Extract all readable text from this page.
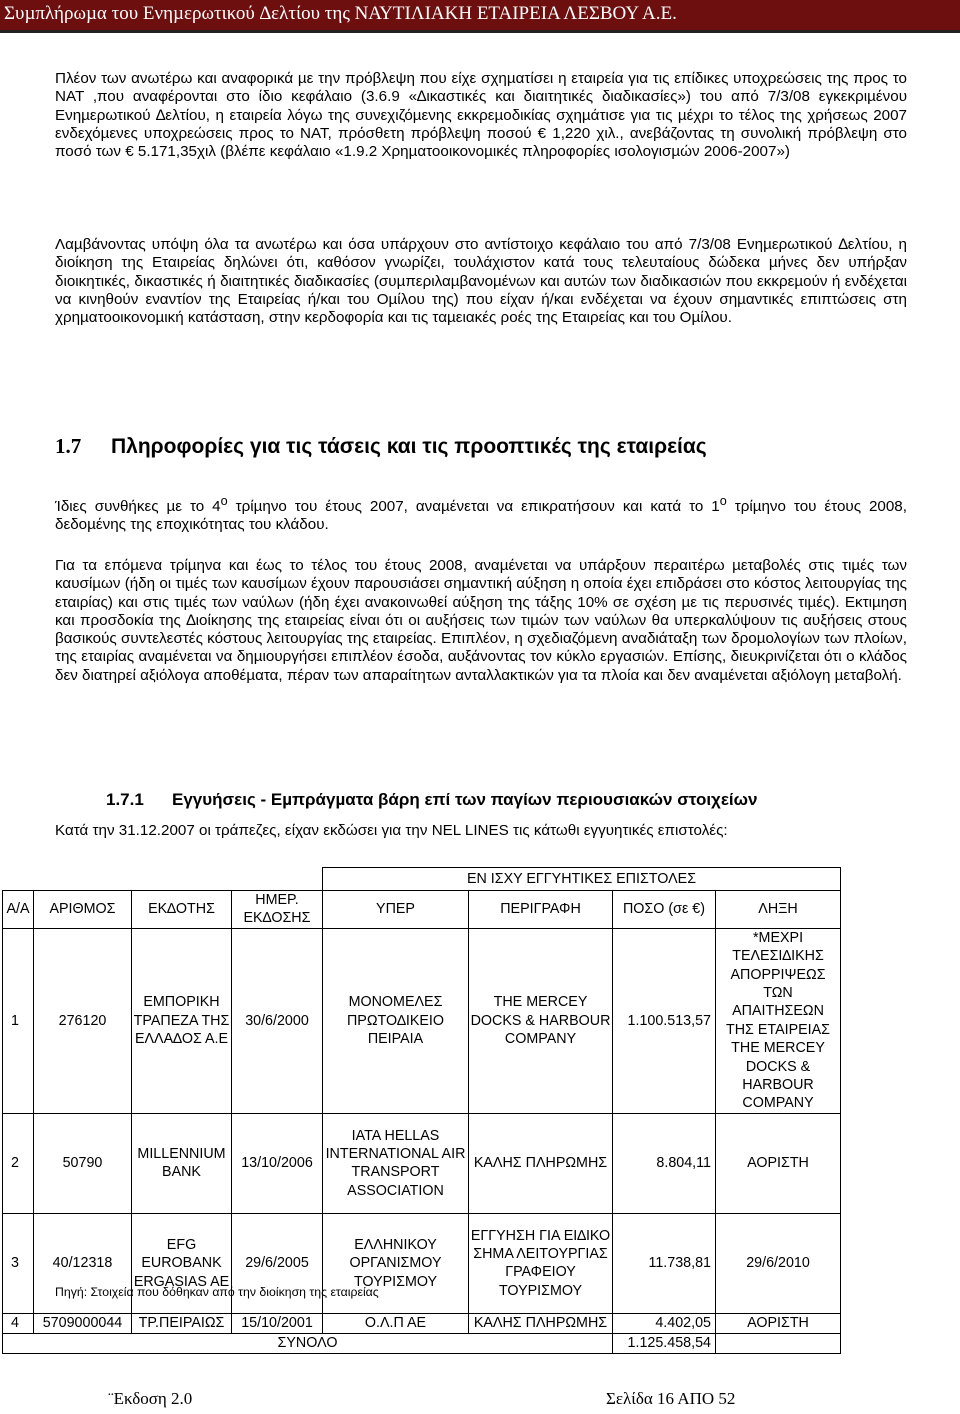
Συµπλήρωµα του Ενηµερωτικού ∆ελτίου της ΝΑΥΤΙΛΙΑΚΗ ΕΤΑΙΡΕΙΑ ΛΕΣΒΟΥ Α.Ε.

Πλέον των ανωτέρω και αναφορικά µε την πρόβλεψη που είχε σχηµατίσει η εταιρεία για τις επίδικες υποχρεώσεις της προς το ΝΑΤ ,που αναφέρονται στο ίδιο κεφάλαιο (3.6.9 «∆ικαστικές και διαιτητικές διαδικασίες») του από 7/3/08 εγκεκριµένου Ενηµερωτικού ∆ελτίου, η εταιρεία λόγω της συνεχιζόµενης εκκρεµοδικίας σχηµάτισε για τις µέχρι το τέλος της χρήσεως 2007 ενδεχόµενες υποχρεώσεις προς το ΝΑΤ, πρόσθετη πρόβλεψη ποσού € 1,220 χιλ., ανεβάζοντας τη συνολική πρόβλεψη στο ποσό των € 5.171,35χιλ (βλέπε κεφάλαιο «1.9.2 Χρηµατοοικονοµικές πληροφορίες ισολογισµών 2006-2007»)

Λαµβάνοντας υπόψη όλα τα ανωτέρω και όσα υπάρχουν στο αντίστοιχο κεφάλαιο του από 7/3/08 Ενηµερωτικού ∆ελτίου, η διοίκηση της Εταιρείας δηλώνει ότι, καθόσον γνωρίζει, τουλάχιστον κατά τους τελευταίους δώδεκα µήνες δεν υπήρξαν διοικητικές, δικαστικές ή διαιτητικές διαδικασίες (συµπεριλαµβανοµένων και αυτών των διαδικασιών που εκκρεµούν ή ενδέχεται να κινηθούν εναντίον της Εταιρείας ή/και του Οµίλου της) που είχαν ή/και ενδέχεται να έχουν σηµαντικές επιπτώσεις στη χρηµατοοικονοµική κατάσταση, στην κερδοφορία και τις ταµειακές ροές της Εταιρείας και του Οµίλου.

1.7 Πληροφορίες για τις τάσεις και τις προοπτικές της εταιρείας

Ίδιες συνθήκες µε το $4^o$ τρίµηνο του έτους 2007, αναµένεται να επικρατήσουν και κατά το $1^o$ τρίµηνο του έτους 2008, δεδοµένης της εποχικότητας του κλάδου.

Για τα επόµενα τρίµηνα και έως το τέλος του έτους 2008, αναµένεται να υπάρξουν περαιτέρω µεταβολές στις τιµές των καυσίµων (ήδη οι τιµές των καυσίµων έχουν παρουσιάσει σηµαντική αύξηση η οποία έχει επιδράσει στο κόστος λειτουργίας της εταιρίας) και στις τιµές των ναύλων (ήδη έχει ανακοινωθεί αύξηση της τάξης 10% σε σχέση µε τις περυσινές τιµές). Εκτιµηση και προσδοκία της ∆ιοίκησης της εταιρείας είναι ότι οι αυξήσεις των τιµών των ναύλων θα υπερκαλύψουν τις αυξήσεις στους βασικούς συντελεστές κόστους λειτουργίας της εταιρείας. Επιπλέον, η σχεδιαζόµενη αναδιάταξη των δροµολογίων των πλοίων, της εταιρίας αναµένεται να δηµιουργήσει επιπλέον έσοδα, αυξάνοντας τον κύκλο εργασιών. Επίσης, διευκρινίζεται ότι ο κλάδος δεν διατηρεί αξιόλογα αποθέµατα, πέραν των απαραίτητων ανταλλακτικών για τα πλοία και δεν αναµένεται αξιόλογη µεταβολή.

1.7.1 Εγγυήσεις - Εµπράγµατα βάρη επί των παγίων περιουσιακών στοιχείων
Κατά την 31.12.2007 οι τράπεζες, είχαν εκδώσει για την NEL LINES τις κάτωθι εγγυητικές επιστολές:
				ΕΝ ΙΣΧΥ ΕΓΓΥΗΤΙΚΕΣ ΕΠΙΣΤΟΛΕΣ			
Α/Α	ΑΡΙΘΜΟΣ	ΕΚ∆ΟΤΗΣ	ΗΜΕΡ. ΕΚ∆ΟΣΗΣ	ΥΠΕΡ	ΠΕΡΙΓΡΑΦΗ	ΠΟΣΟ (σε €)	ΛΗΞΗ
1	276120	ΕΜΠΟΡΙΚΗ ΤΡΑΠΕΖΑ ΤΗΣ ΕΛΛΑ∆ΟΣ Α.Ε	30/6/2000	ΜΟΝΟΜΕΛΕΣ ΠΡΩΤΟ∆ΙΚΕΙΟ ΠΕΙΡΑΙΑ	THE MERCEY DOCKS & HARBOUR COMPANY	1.100.513,57	*ΜΕΧΡΙ ΤΕΛΕΣΙ∆ΙΚΗΣ ΑΠΟΡΡΙΨΕΩΣ ΤΩΝ ΑΠΑΙΤΗΣΕΩΝ ΤΗΣ ΕΤΑΙΡΕΙΑΣ THE MERCEY DOCKS & HARBOUR COMPANY
2	50790	MILLENNIUM BANK	13/10/2006	IATA HELLAS INTERNATIONAL AIR TRANSPORT ASSOCIATION	ΚΑΛΗΣ ΠΛΗΡΩΜΗΣ	8.804,11	ΑΟΡΙΣΤΗ
3	40/12318	EFG EUROBANK ERGASIAS AE	29/6/2005	ΕΛΛΗΝΙΚΟΥ ΟΡΓΑΝΙΣΜΟΥ ΤΟΥΡΙΣΜΟΥ	ΕΓΓΥΗΣΗ ΓΙΑ ΕΙ∆ΙΚΟ ΣΗΜΑ ΛΕΙΤΟΥΡΓΙΑΣ ΓΡΑΦΕΙΟΥ ΤΟΥΡΙΣΜΟΥ	11.738,81	29/6/2010
4	5709000044	ΤΡ.ΠΕΙΡΑΙΩΣ	15/10/2001	Ο.Λ.Π ΑΕ	ΚΑΛΗΣ ΠΛΗΡΩΜΗΣ	4.402,05	ΑΟΡΙΣΤΗ
ΣΥΝΟΛΟ						1.125.458,54	
Πηγή: Στοιχεία που δόθηκαν από την διοίκηση της εταιρείας
¨Εκδοση 2.0	Σελίδα 16 ΑΠΟ 52
